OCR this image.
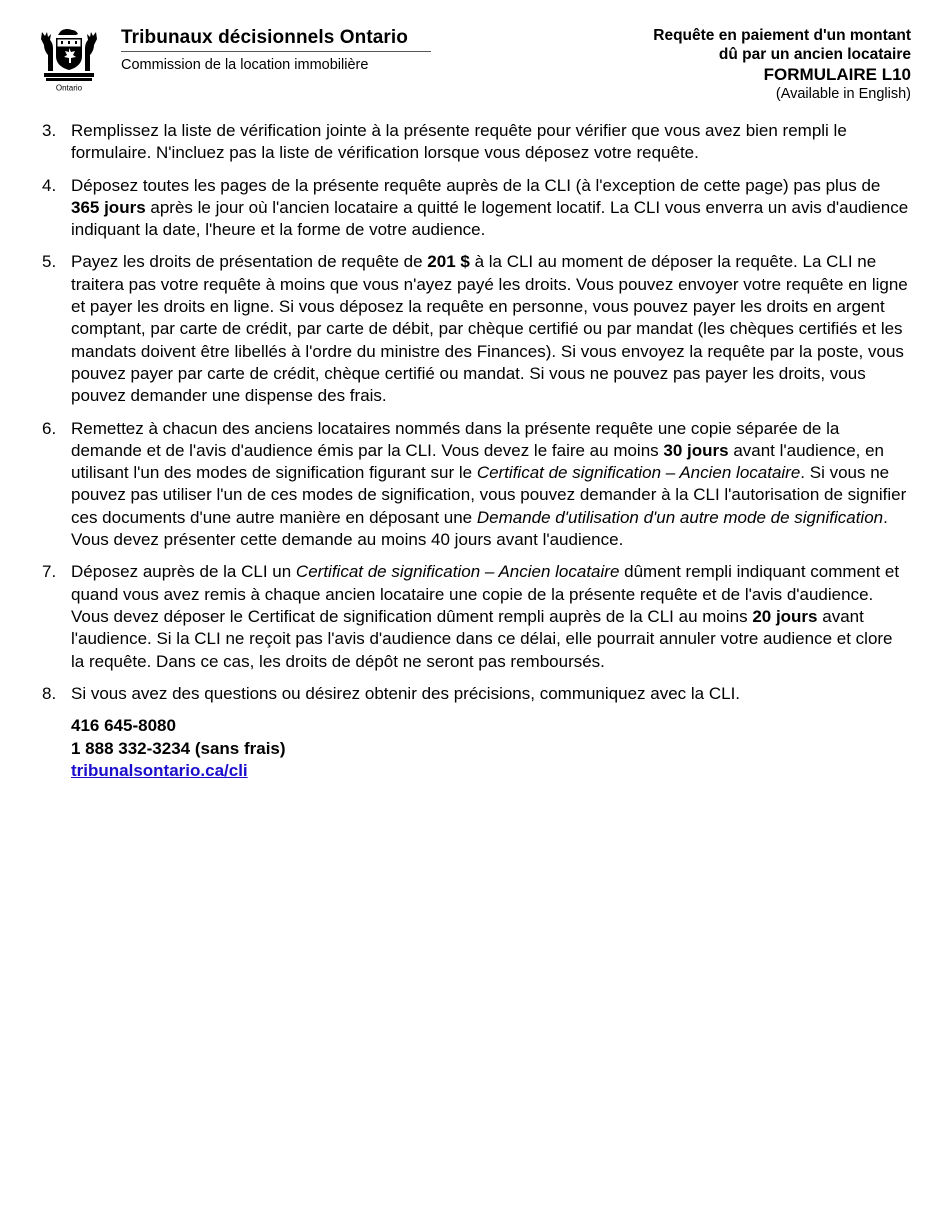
Ontario
Tribunaux décisionnels Ontario
Commission de la location immobilière
Requête en paiement d'un montant
dû par un ancien locataire
FORMULAIRE L10
(Available in English)
3. Remplissez la liste de vérification jointe à la présente requête pour vérifier que vous avez bien rempli le formulaire. N'incluez pas la liste de vérification lorsque vous déposez votre requête.
4. Déposez toutes les pages de la présente requête auprès de la CLI (à l'exception de cette page) pas plus de 365 jours après le jour où l'ancien locataire a quitté le logement locatif. La CLI vous enverra un avis d'audience indiquant la date, l'heure et la forme de votre audience.
5. Payez les droits de présentation de requête de 201 $ à la CLI au moment de déposer la requête. La CLI ne traitera pas votre requête à moins que vous n'ayez payé les droits. Vous pouvez envoyer votre requête en ligne et payer les droits en ligne. Si vous déposez la requête en personne, vous pouvez payer les droits en argent comptant, par carte de crédit, par carte de débit, par chèque certifié ou par mandat (les chèques certifiés et les mandats doivent être libellés à l'ordre du ministre des Finances). Si vous envoyez la requête par la poste, vous pouvez payer par carte de crédit, chèque certifié ou mandat. Si vous ne pouvez pas payer les droits, vous pouvez demander une dispense des frais.
6. Remettez à chacun des anciens locataires nommés dans la présente requête une copie séparée de la demande et de l'avis d'audience émis par la CLI. Vous devez le faire au moins 30 jours avant l'audience, en utilisant l'un des modes de signification figurant sur le Certificat de signification – Ancien locataire. Si vous ne pouvez pas utiliser l'un de ces modes de signification, vous pouvez demander à la CLI l'autorisation de signifier ces documents d'une autre manière en déposant une Demande d'utilisation d'un autre mode de signification. Vous devez présenter cette demande au moins 40 jours avant l'audience.
7. Déposez auprès de la CLI un Certificat de signification – Ancien locataire dûment rempli indiquant comment et quand vous avez remis à chaque ancien locataire une copie de la présente requête et de l'avis d'audience. Vous devez déposer le Certificat de signification dûment rempli auprès de la CLI au moins 20 jours avant l'audience. Si la CLI ne reçoit pas l'avis d'audience dans ce délai, elle pourrait annuler votre audience et clore la requête. Dans ce cas, les droits de dépôt ne seront pas remboursés.
8. Si vous avez des questions ou désirez obtenir des précisions, communiquez avec la CLI.
416 645-8080
1 888 332-3234 (sans frais)
tribunalsontario.ca/cli
